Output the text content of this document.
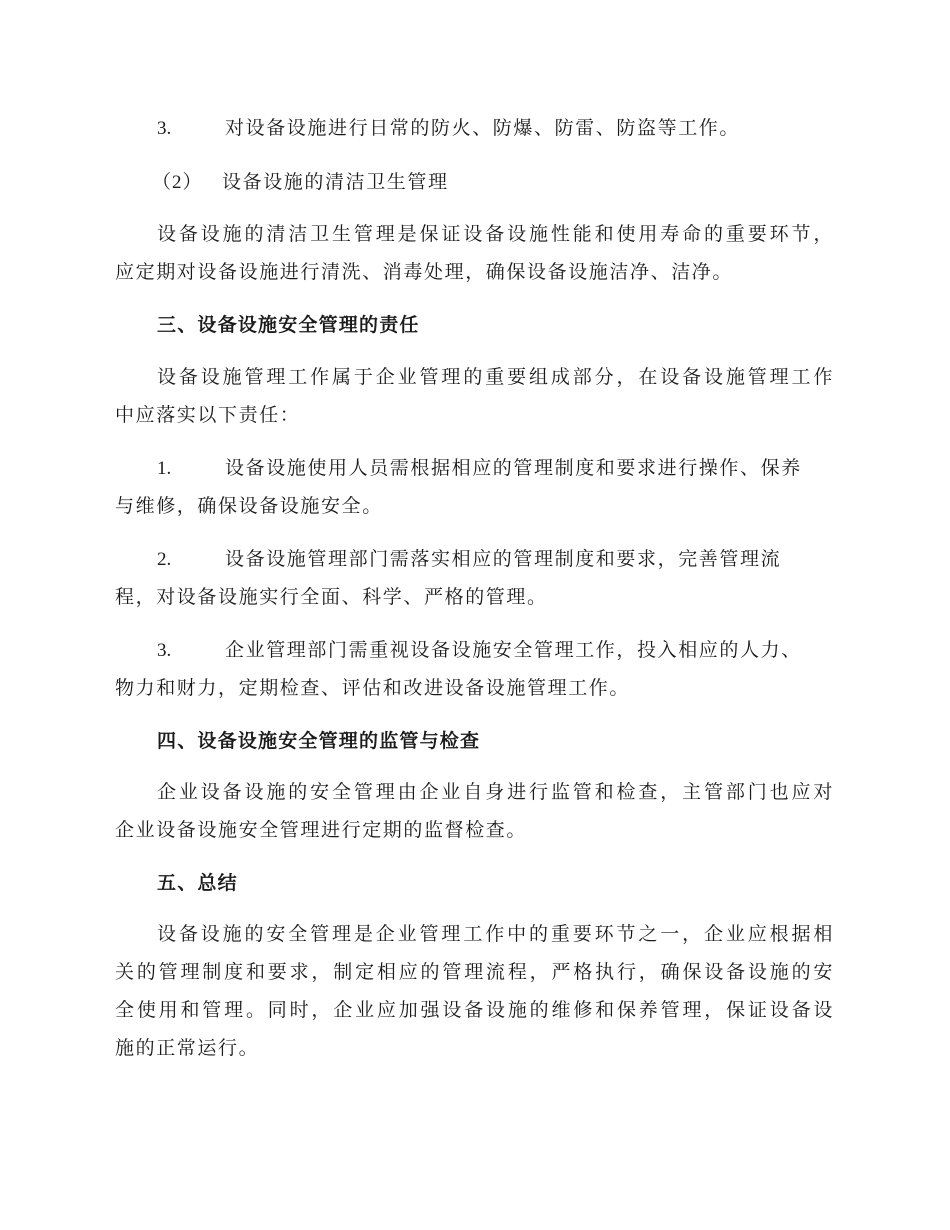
3.	对设备设施进行日常的防火、防爆、防雷、防盗等工作。
（2） 设备设施的清洁卫生管理
设备设施的清洁卫生管理是保证设备设施性能和使用寿命的重要环节，
应定期对设备设施进行清洗、消毒处理，确保设备设施洁净、洁净。
三、设备设施安全管理的责任
设备设施管理工作属于企业管理的重要组成部分，在设备设施管理工作
中应落实以下责任：
1.	设备设施使用人员需根据相应的管理制度和要求进行操作、保养
与维修，确保设备设施安全。
2.	设备设施管理部门需落实相应的管理制度和要求，完善管理流
程，对设备设施实行全面、科学、严格的管理。
3.	企业管理部门需重视设备设施安全管理工作，投入相应的人力、
物力和财力，定期检查、评估和改进设备设施管理工作。
四、设备设施安全管理的监管与检查
企业设备设施的安全管理由企业自身进行监管和检查，主管部门也应对
企业设备设施安全管理进行定期的监督检查。
五、总结
设备设施的安全管理是企业管理工作中的重要环节之一，企业应根据相
关的管理制度和要求，制定相应的管理流程，严格执行，确保设备设施的安
全使用和管理。同时，企业应加强设备设施的维修和保养管理，保证设备设
施的正常运行。
